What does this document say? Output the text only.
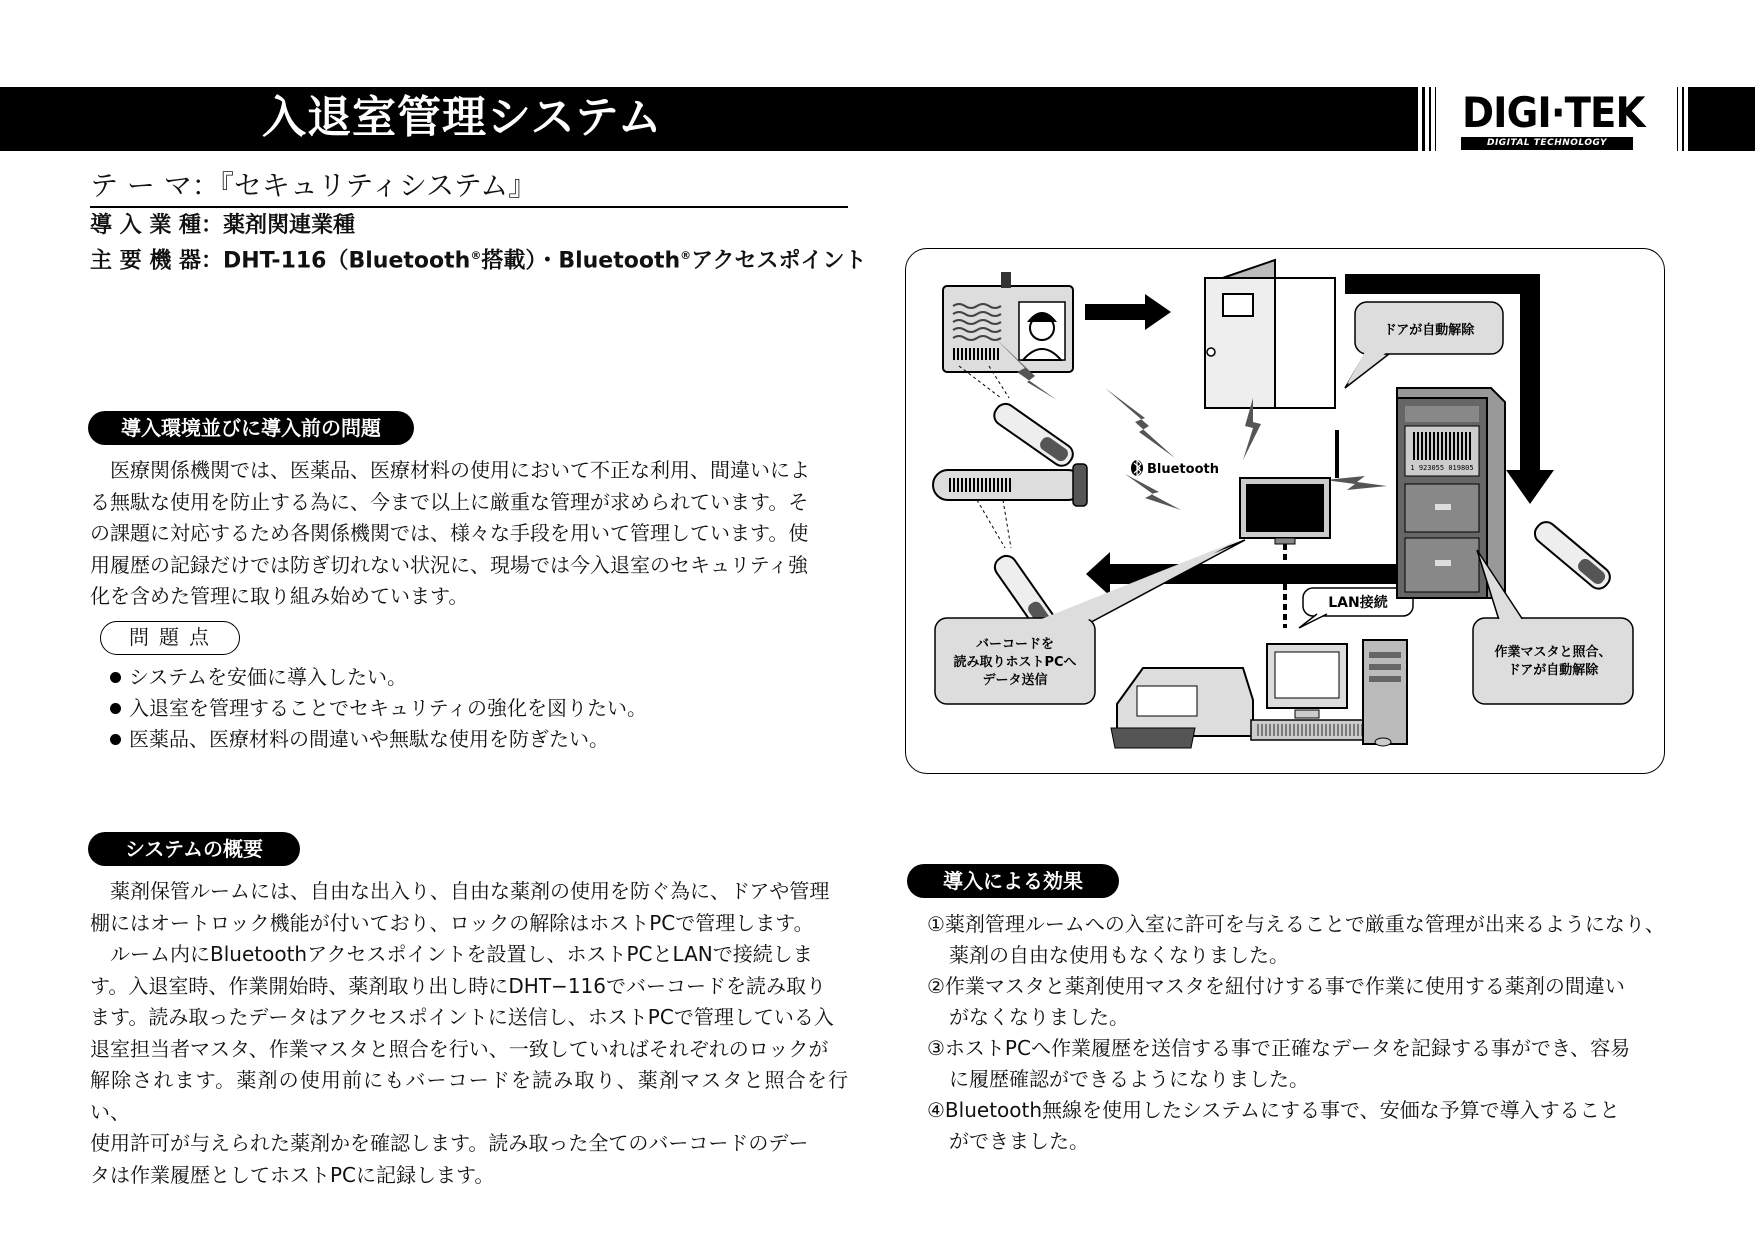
入退室管理システム	DIGI·TEK
DIGITAL TECHNOLOGY
テ ー マ：『セキュリティシステム』
導 入 業 種：薬剤関連業種
主 要 機 器：DHT-116（Bluetooth®搭載）・Bluetooth®アクセスポイント
導入環境並びに導入前の問題
医療関係機関では、医薬品、医療材料の使用において不正な利用、間違いによ
る無駄な使用を防止する為に、今まで以上に厳重な管理が求められています。そ
の課題に対応するため各関係機関では、様々な手段を用いて管理しています。使
用履歴の記録だけでは防ぎ切れない状況に、現場では今入退室のセキュリティ強
化を含めた管理に取り組み始めています。
問題点
システムを安価に導入したい。
入退室を管理することでセキュリティの強化を図りたい。
医薬品、医療材料の間違いや無駄な使用を防ぎたい。
システムの概要
薬剤保管ルームには、自由な出入り、自由な薬剤の使用を防ぐ為に、ドアや管理
棚にはオートロック機能が付いており、ロックの解除はホストPCで管理します。
ルーム内にBluetoothアクセスポイントを設置し、ホストPCとLANで接続しま
す。入退室時、作業開始時、薬剤取り出し時にDHT−116でバーコードを読み取り
ます。読み取ったデータはアクセスポイントに送信し、ホストPCで管理している入
退室担当者マスタ、作業マスタと照合を行い、一致していればそれぞれのロックが
解除されます。薬剤の使用前にもバーコードを読み取り、薬剤マスタと照合を行い、
使用許可が与えられた薬剤かを確認します。読み取った全てのバーコードのデー
タは作業履歴としてホストPCに記録します。
ドアが自動解除
Bluetooth
LAN接続
1 923055 019805
バーコードを
読み取りホストPCへ
データ送信
作業マスタと照合、
ドアが自動解除
導入による効果
①薬剤管理ルームへの入室に許可を与えることで厳重な管理が出来るようになり、
薬剤の自由な使用もなくなりました。
②作業マスタと薬剤使用マスタを紐付けする事で作業に使用する薬剤の間違い
がなくなりました。
③ホストPCへ作業履歴を送信する事で正確なデータを記録する事ができ、容易
に履歴確認ができるようになりました。
④Bluetooth無線を使用したシステムにする事で、安価な予算で導入すること
ができました。
